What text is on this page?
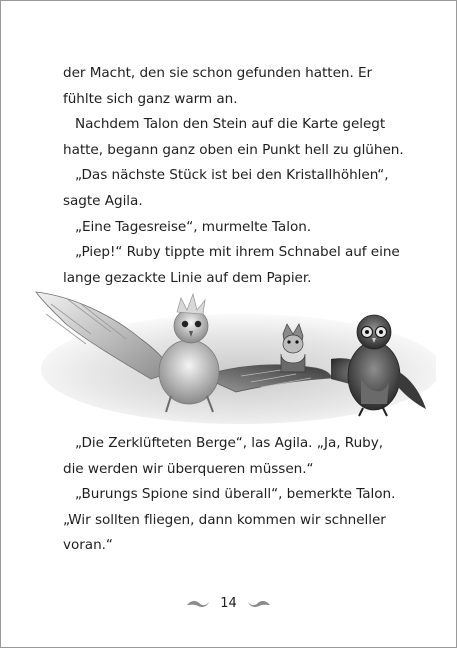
der Macht, den sie schon gefunden hatten. Er
fühlte sich ganz warm an.
Nachdem Talon den Stein auf die Karte gelegt
hatte, begann ganz oben ein Punkt hell zu glühen.
„Das nächste Stück ist bei den Kristallhöhlen“,
sagte Agila.
„Eine Tagesreise“, murmelte Talon.
„Piep!“ Ruby tippte mit ihrem Schnabel auf eine
lange gezackte Linie auf dem Papier.
„Die Zerklüfteten Berge“, las Agila. „Ja, Ruby,
die werden wir überqueren müssen.“
„Burungs Spione sind überall“, bemerkte Talon.
„Wir sollten fliegen, dann kommen wir schneller
voran.“
14
